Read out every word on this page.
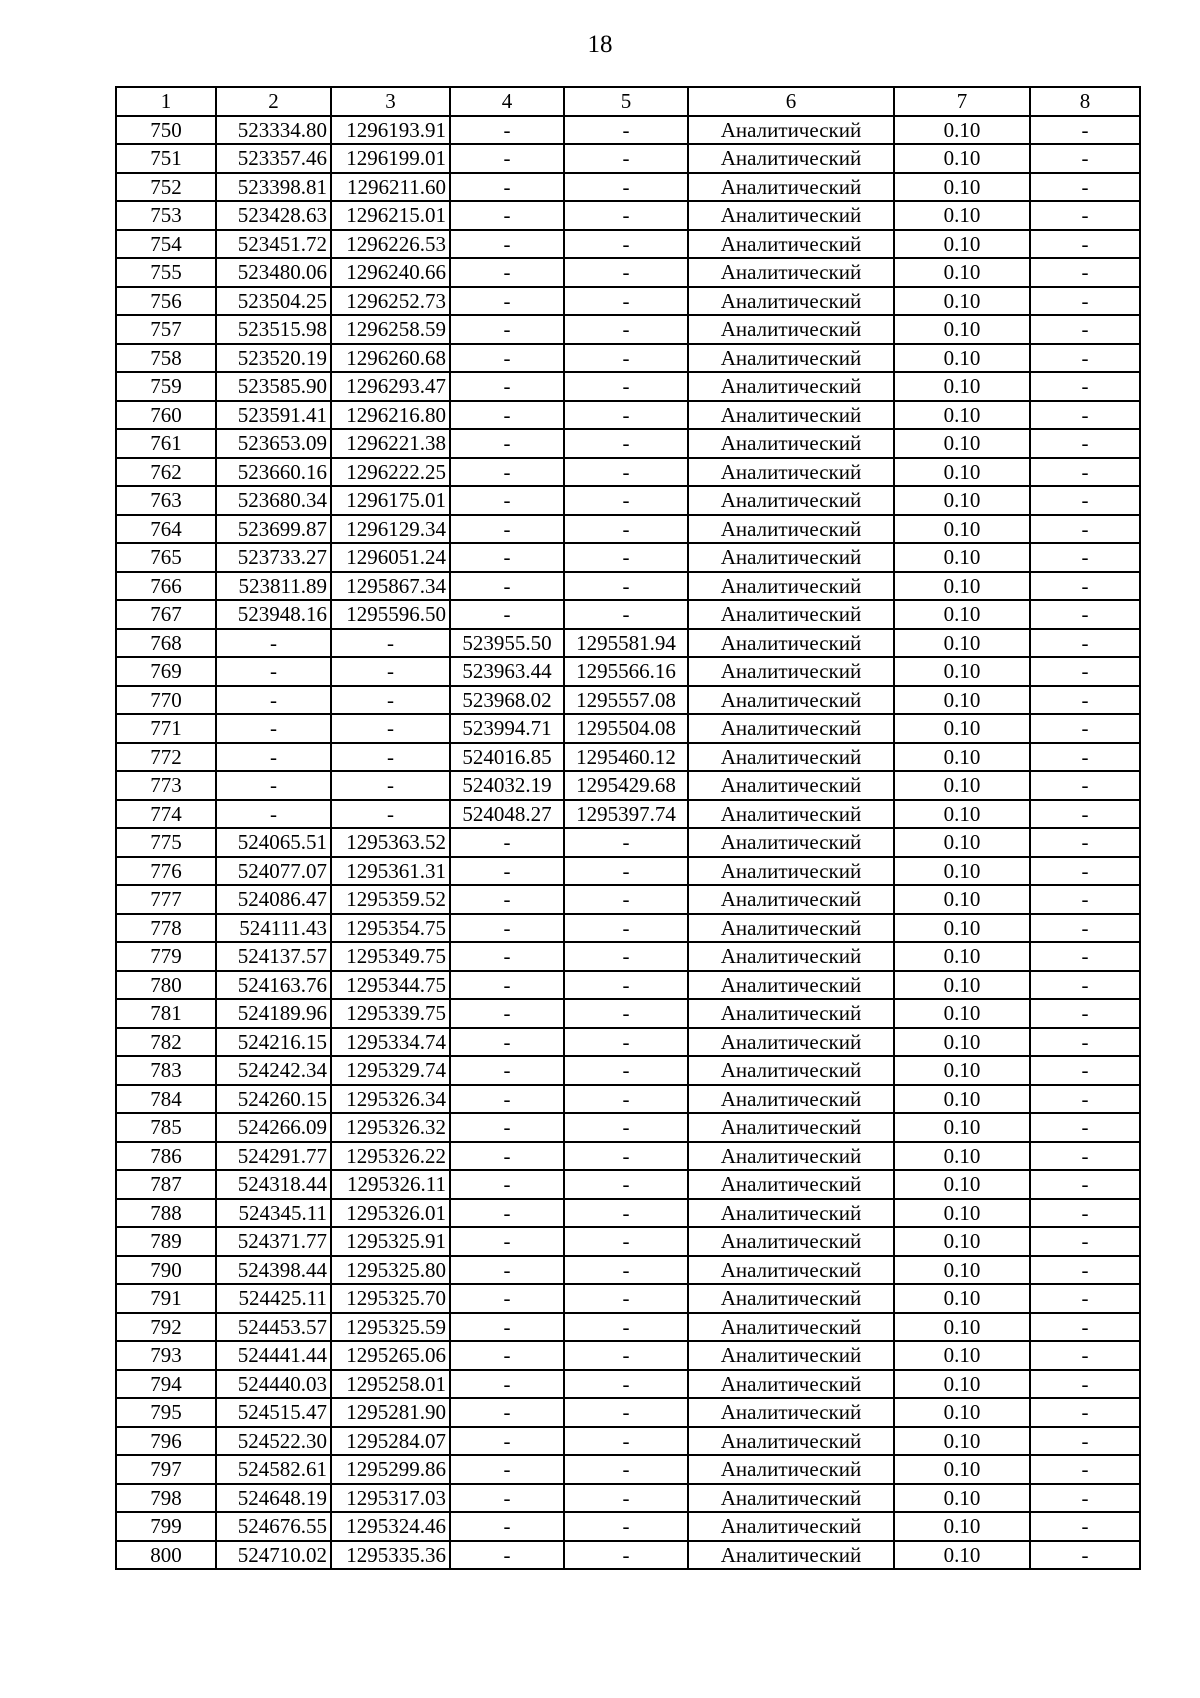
18
1	2	3	4	5	6	7	8
750	523334.80	1296193.91	-	-	Аналитический	0.10	-
751	523357.46	1296199.01	-	-	Аналитический	0.10	-
752	523398.81	1296211.60	-	-	Аналитический	0.10	-
753	523428.63	1296215.01	-	-	Аналитический	0.10	-
754	523451.72	1296226.53	-	-	Аналитический	0.10	-
755	523480.06	1296240.66	-	-	Аналитический	0.10	-
756	523504.25	1296252.73	-	-	Аналитический	0.10	-
757	523515.98	1296258.59	-	-	Аналитический	0.10	-
758	523520.19	1296260.68	-	-	Аналитический	0.10	-
759	523585.90	1296293.47	-	-	Аналитический	0.10	-
760	523591.41	1296216.80	-	-	Аналитический	0.10	-
761	523653.09	1296221.38	-	-	Аналитический	0.10	-
762	523660.16	1296222.25	-	-	Аналитический	0.10	-
763	523680.34	1296175.01	-	-	Аналитический	0.10	-
764	523699.87	1296129.34	-	-	Аналитический	0.10	-
765	523733.27	1296051.24	-	-	Аналитический	0.10	-
766	523811.89	1295867.34	-	-	Аналитический	0.10	-
767	523948.16	1295596.50	-	-	Аналитический	0.10	-
768	-	-	523955.50	1295581.94	Аналитический	0.10	-
769	-	-	523963.44	1295566.16	Аналитический	0.10	-
770	-	-	523968.02	1295557.08	Аналитический	0.10	-
771	-	-	523994.71	1295504.08	Аналитический	0.10	-
772	-	-	524016.85	1295460.12	Аналитический	0.10	-
773	-	-	524032.19	1295429.68	Аналитический	0.10	-
774	-	-	524048.27	1295397.74	Аналитический	0.10	-
775	524065.51	1295363.52	-	-	Аналитический	0.10	-
776	524077.07	1295361.31	-	-	Аналитический	0.10	-
777	524086.47	1295359.52	-	-	Аналитический	0.10	-
778	524111.43	1295354.75	-	-	Аналитический	0.10	-
779	524137.57	1295349.75	-	-	Аналитический	0.10	-
780	524163.76	1295344.75	-	-	Аналитический	0.10	-
781	524189.96	1295339.75	-	-	Аналитический	0.10	-
782	524216.15	1295334.74	-	-	Аналитический	0.10	-
783	524242.34	1295329.74	-	-	Аналитический	0.10	-
784	524260.15	1295326.34	-	-	Аналитический	0.10	-
785	524266.09	1295326.32	-	-	Аналитический	0.10	-
786	524291.77	1295326.22	-	-	Аналитический	0.10	-
787	524318.44	1295326.11	-	-	Аналитический	0.10	-
788	524345.11	1295326.01	-	-	Аналитический	0.10	-
789	524371.77	1295325.91	-	-	Аналитический	0.10	-
790	524398.44	1295325.80	-	-	Аналитический	0.10	-
791	524425.11	1295325.70	-	-	Аналитический	0.10	-
792	524453.57	1295325.59	-	-	Аналитический	0.10	-
793	524441.44	1295265.06	-	-	Аналитический	0.10	-
794	524440.03	1295258.01	-	-	Аналитический	0.10	-
795	524515.47	1295281.90	-	-	Аналитический	0.10	-
796	524522.30	1295284.07	-	-	Аналитический	0.10	-
797	524582.61	1295299.86	-	-	Аналитический	0.10	-
798	524648.19	1295317.03	-	-	Аналитический	0.10	-
799	524676.55	1295324.46	-	-	Аналитический	0.10	-
800	524710.02	1295335.36	-	-	Аналитический	0.10	-
